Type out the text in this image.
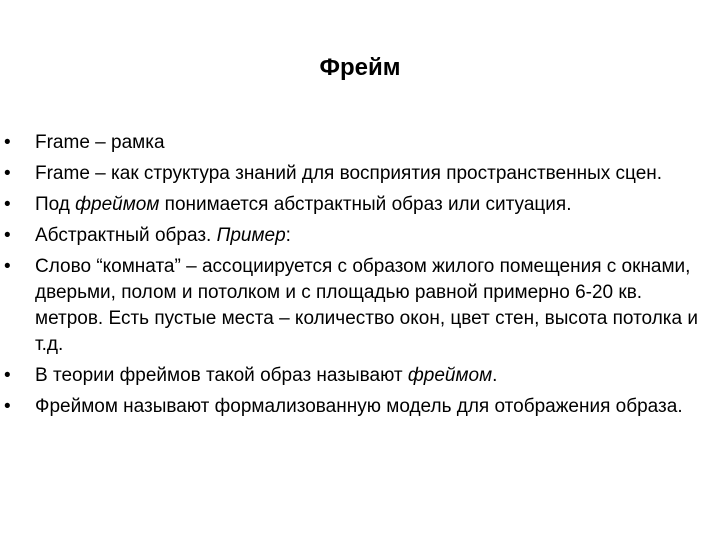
Фрейм
• Frame – рамка
• Frame – как структура знаний для восприятия пространственных сцен.
• Под фреймом понимается абстрактный образ или ситуация.
• Абстрактный образ. Пример:
• Слово “комната” – ассоциируется с образом жилого помещения с окнами, дверьми, полом и потолком и с площадью равной примерно 6-20 кв. метров. Есть пустые места – количество окон, цвет стен, высота потолка и т.д.
• В теории фреймов такой образ называют фреймом.
• Фреймом называют формализованную модель для отображения образа.
